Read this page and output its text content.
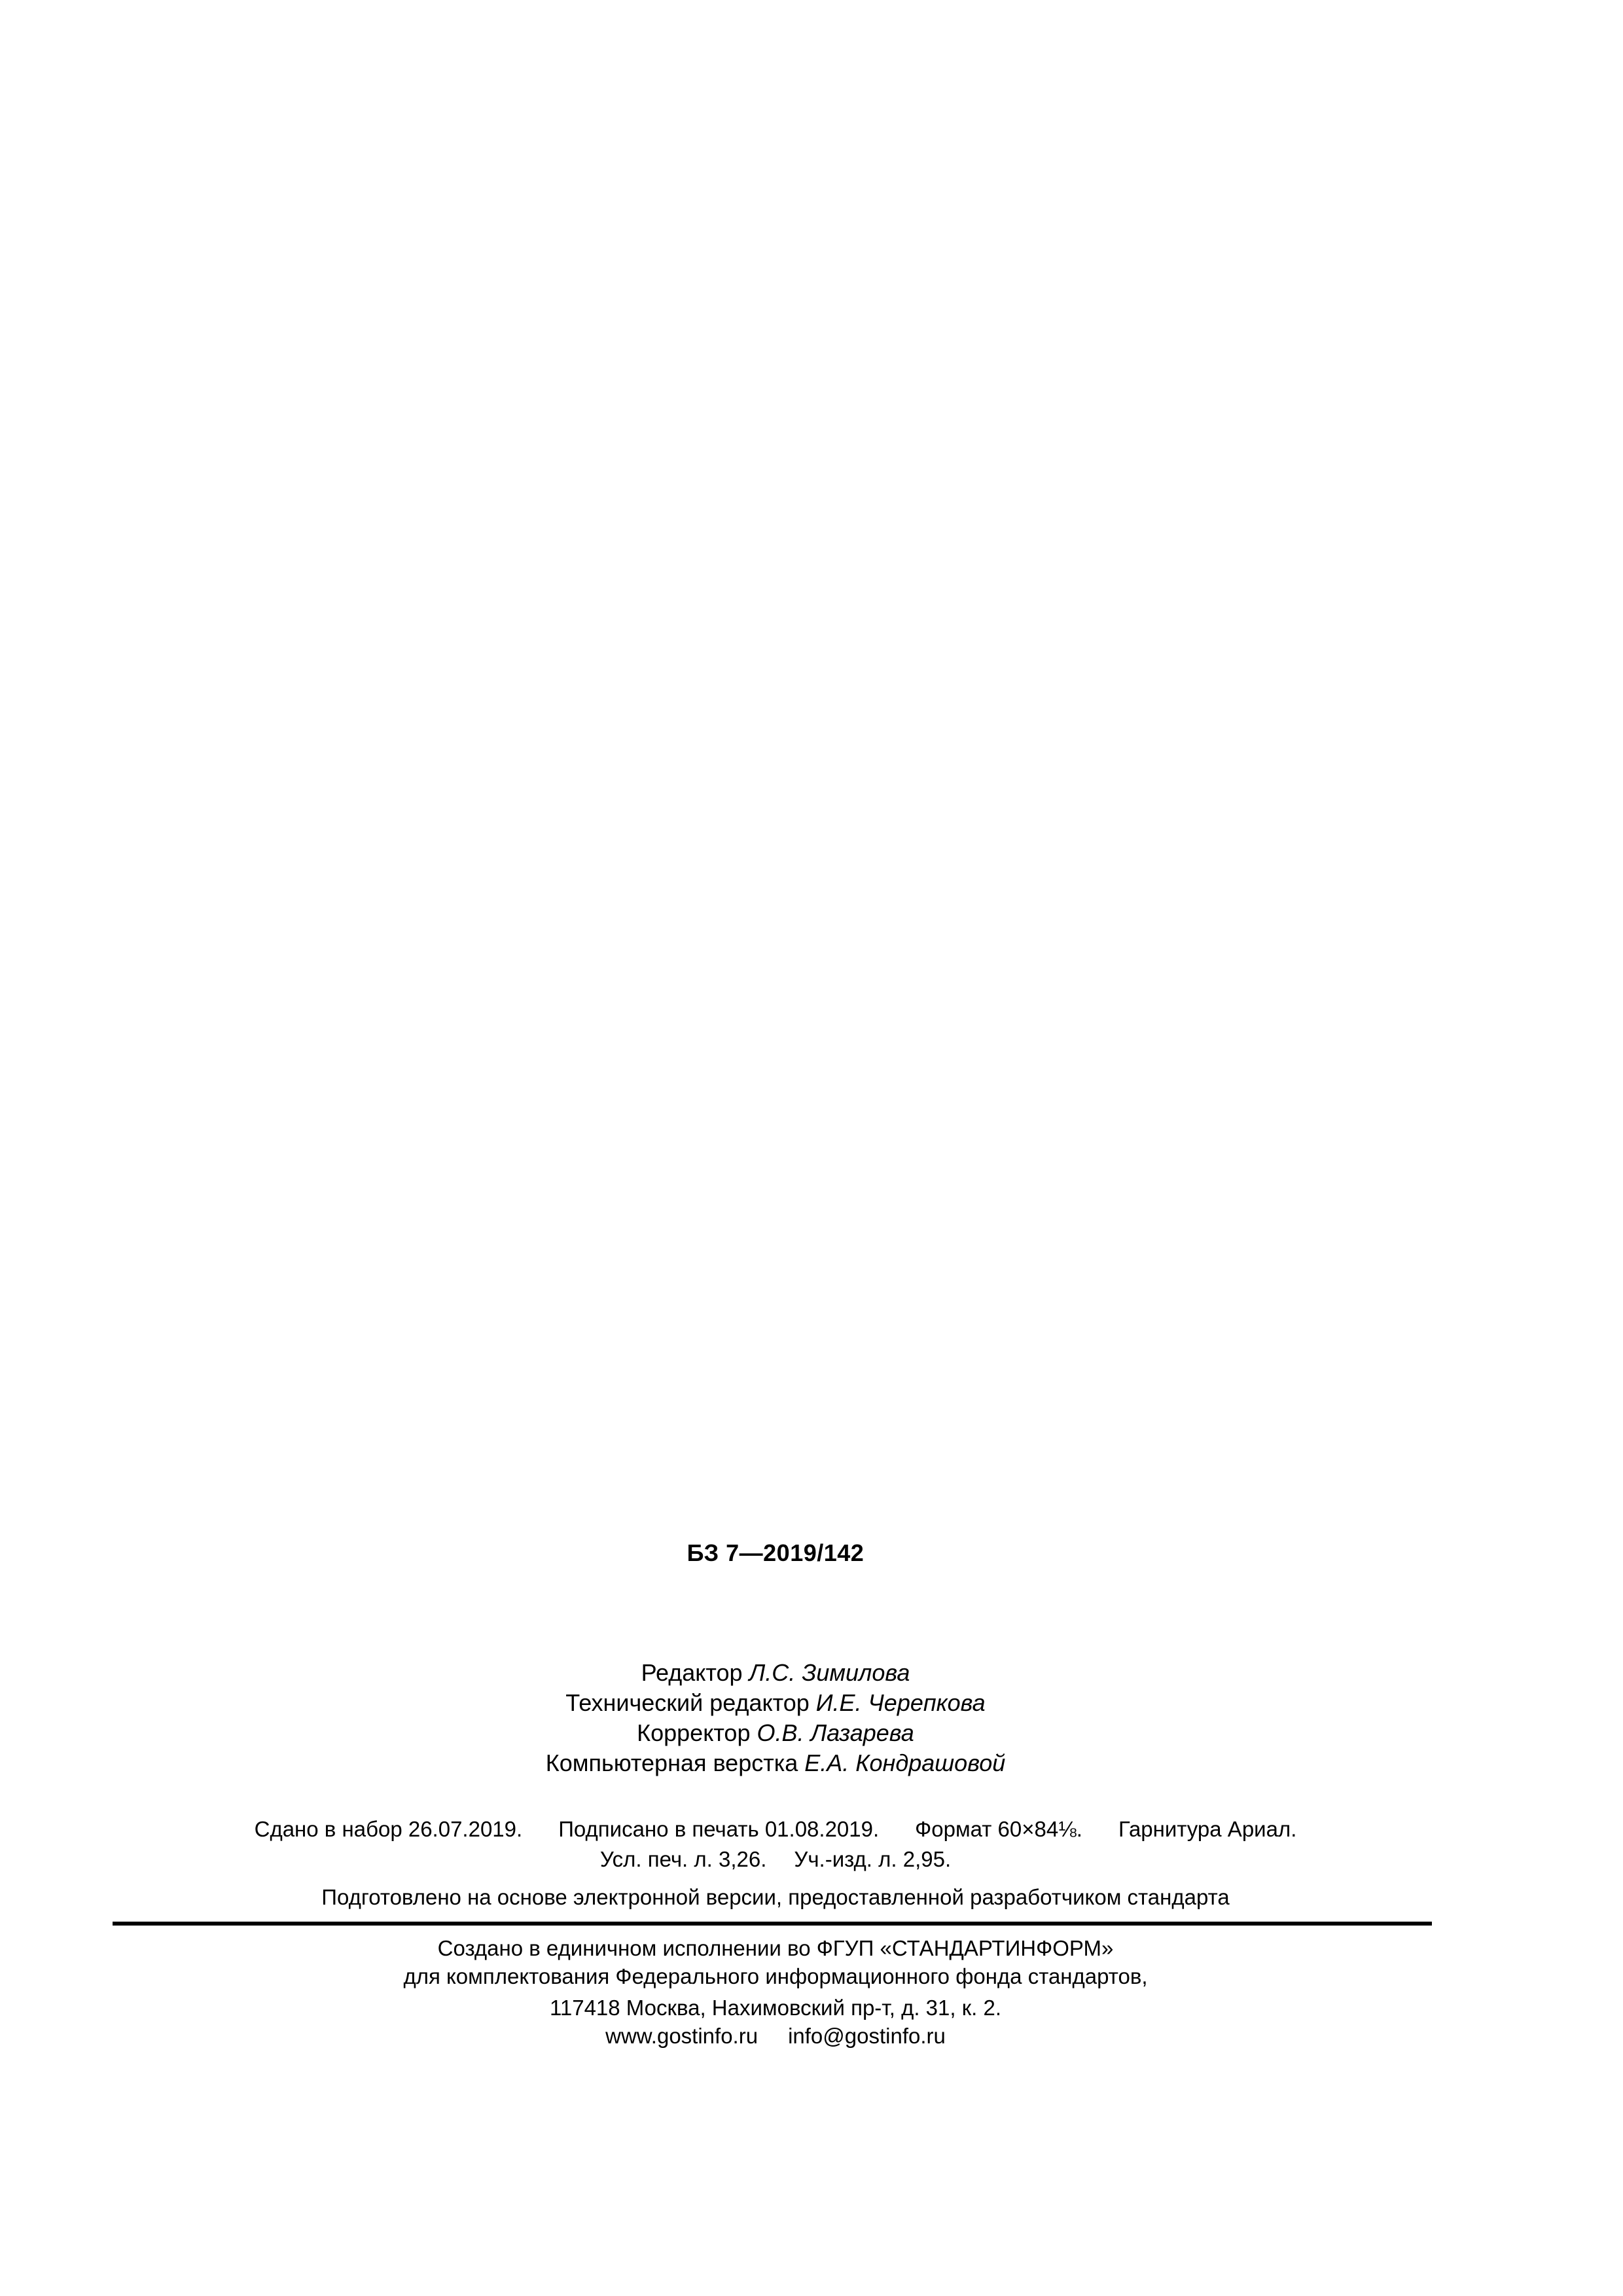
БЗ 7—2019/142
Редактор Л.С. Зимилова
Технический редактор И.Е. Черепкова
Корректор О.В. Лазарева
Компьютерная верстка Е.А. Кондрашовой
Сдано в набор 26.07.2019. Подписано в печать 01.08.2019. Формат 60×84⅛. Гарнитура Ариал.
Усл. печ. л. 3,26. Уч.-изд. л. 2,95.
Подготовлено на основе электронной версии, предоставленной разработчиком стандарта
Создано в единичном исполнении во ФГУП «СТАНДАРТИНФОРМ»
для комплектования Федерального информационного фонда стандартов,
117418 Москва, Нахимовский пр-т, д. 31, к. 2.
www.gostinfo.ru info@gostinfo.ru
